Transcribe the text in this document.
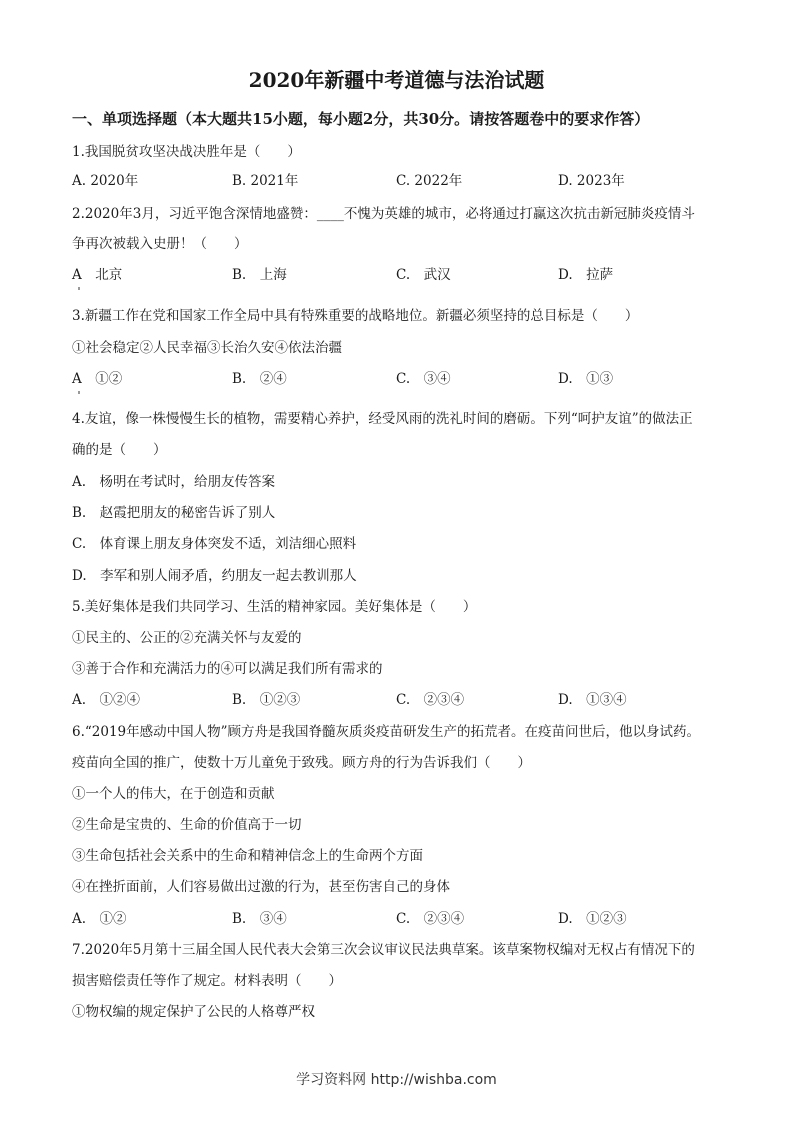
2020年新疆中考道德与法治试题
一、单项选择题（本大题共15小题，每小题2分，共30分。请按答题卷中的要求作答）
1.我国脱贫攻坚决战决胜年是（　　）
A. 2020年	B. 2021年	C. 2022年	D. 2023年
2.2020年3月，习近平饱含深情地盛赞：____不愧为英雄的城市，必将通过打赢这次抗击新冠肺炎疫情斗
争再次被载入史册！（　　）
A　北京	B.　上海	C.　武汉	D.　拉萨
3.新疆工作在党和国家工作全局中具有特殊重要的战略地位。新疆必须坚持的总目标是（　　）
①社会稳定②人民幸福③长治久安④依法治疆
A　①②	B.　②④	C.　③④	D.　①③
4.友谊，像一株慢慢生长的植物，需要精心养护，经受风雨的洗礼时间的磨砺。下列“呵护友谊”的做法正
确的是（　　）
A.　杨明在考试时，给朋友传答案
B.　赵霞把朋友的秘密告诉了别人
C.　体育课上朋友身体突发不适，刘洁细心照料
D.　李军和别人闹矛盾，约朋友一起去教训那人
5.美好集体是我们共同学习、生活的精神家园。美好集体是（　　）
①民主的、公正的②充满关怀与友爱的
③善于合作和充满活力的④可以满足我们所有需求的
A.　①②④	B.　①②③	C.　②③④	D.　①③④
6.“2019年感动中国人物”顾方舟是我国脊髓灰质炎疫苗研发生产的拓荒者。在疫苗问世后，他以身试药。
疫苗向全国的推广，使数十万儿童免于致残。顾方舟的行为告诉我们（　　）
①一个人的伟大，在于创造和贡献
②生命是宝贵的、生命的价值高于一切
③生命包括社会关系中的生命和精神信念上的生命两个方面
④在挫折面前，人们容易做出过激的行为，甚至伤害自己的身体
A.　①②	B.　③④	C.　②③④	D.　①②③
7.2020年5月第十三届全国人民代表大会第三次会议审议民法典草案。该草案物权编对无权占有情况下的
损害赔偿责任等作了规定。材料表明（　　）
①物权编的规定保护了公民的人格尊严权
学习资料网 http://wishba.com
